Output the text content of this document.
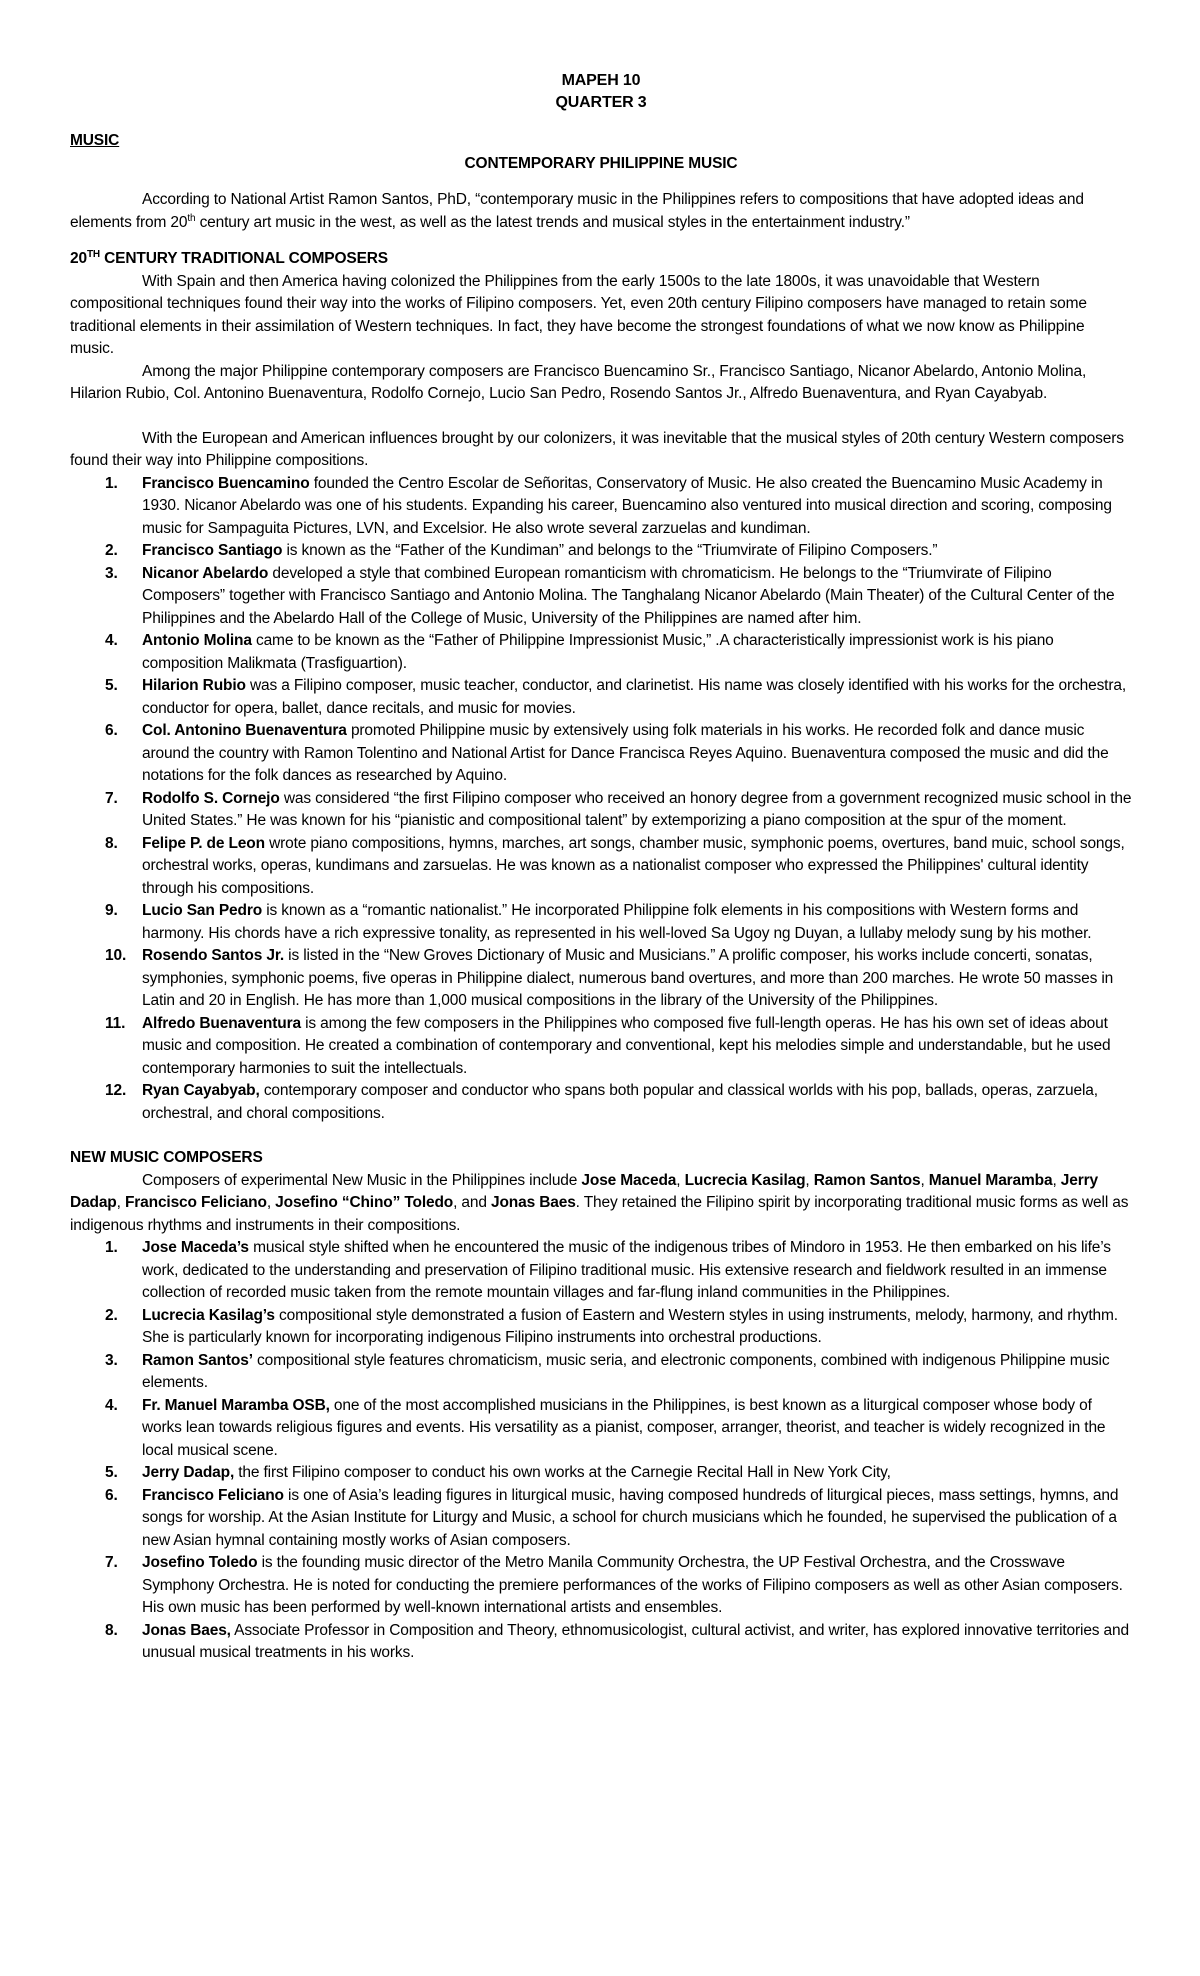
MAPEH 10
QUARTER 3
MUSIC
CONTEMPORARY PHILIPPINE MUSIC

According to National Artist Ramon Santos, PhD, “contemporary music in the Philippines refers to compositions that have adopted ideas and elements from 20th century art music in the west, as well as the latest trends and musical styles in the entertainment industry.”

20TH CENTURY TRADITIONAL COMPOSERS

With Spain and then America having colonized the Philippines from the early 1500s to the late 1800s, it was unavoidable that Western compositional techniques found their way into the works of Filipino composers. Yet, even 20th century Filipino composers have managed to retain some traditional elements in their assimilation of Western techniques. In fact, they have become the strongest foundations of what we now know as Philippine music.

Among the major Philippine contemporary composers are Francisco Buencamino Sr., Francisco Santiago, Nicanor Abelardo, Antonio Molina, Hilarion Rubio, Col. Antonino Buenaventura, Rodolfo Cornejo, Lucio San Pedro, Rosendo Santos Jr., Alfredo Buenaventura, and Ryan Cayabyab.

With the European and American influences brought by our colonizers, it was inevitable that the musical styles of 20th century Western composers found their way into Philippine compositions.

1.	Francisco Buencamino founded the Centro Escolar de Señoritas, Conservatory of Music. He also created the Buencamino Music Academy in 1930. Nicanor Abelardo was one of his students. Expanding his career, Buencamino also ventured into musical direction and scoring, composing music for Sampaguita Pictures, LVN, and Excelsior. He also wrote several zarzuelas and kundiman.
2.	Francisco Santiago is known as the “Father of the Kundiman” and belongs to the “Triumvirate of Filipino Composers.”
3.	Nicanor Abelardo developed a style that combined European romanticism with chromaticism. He belongs to the “Triumvirate of Filipino Composers” together with Francisco Santiago and Antonio Molina. The Tanghalang Nicanor Abelardo (Main Theater) of the Cultural Center of the Philippines and the Abelardo Hall of the College of Music, University of the Philippines are named after him.
4.	Antonio Molina came to be known as the “Father of Philippine Impressionist Music,” .A characteristically impressionist work is his piano composition Malikmata (Trasfiguartion).
5.	Hilarion Rubio was a Filipino composer, music teacher, conductor, and clarinetist. His name was closely identified with his works for the orchestra, conductor for opera, ballet, dance recitals, and music for movies.
6.	Col. Antonino Buenaventura promoted Philippine music by extensively using folk materials in his works. He recorded folk and dance music around the country with Ramon Tolentino and National Artist for Dance Francisca Reyes Aquino. Buenaventura composed the music and did the notations for the folk dances as researched by Aquino.
7.	Rodolfo S. Cornejo was considered “the first Filipino composer who received an honory degree from a government recognized music school in the United States.” He was known for his “pianistic and compositional talent” by extemporizing a piano composition at the spur of the moment.
8.	Felipe P. de Leon wrote piano compositions, hymns, marches, art songs, chamber music, symphonic poems, overtures, band muic, school songs, orchestral works, operas, kundimans and zarsuelas. He was known as a nationalist composer who expressed the Philippines' cultural identity through his compositions.
9.	Lucio San Pedro is known as a “romantic nationalist.” He incorporated Philippine folk elements in his compositions with Western forms and harmony. His chords have a rich expressive tonality, as represented in his well-loved Sa Ugoy ng Duyan, a lullaby melody sung by his mother.
10.	Rosendo Santos Jr. is listed in the “New Groves Dictionary of Music and Musicians.” A prolific composer, his works include concerti, sonatas, symphonies, symphonic poems, five operas in Philippine dialect, numerous band overtures, and more than 200 marches. He wrote 50 masses in Latin and 20 in English. He has more than 1,000 musical compositions in the library of the University of the Philippines.
11.	Alfredo Buenaventura is among the few composers in the Philippines who composed five full-length operas. He has his own set of ideas about music and composition. He created a combination of contemporary and conventional, kept his melodies simple and understandable, but he used contemporary harmonies to suit the intellectuals.
12.	Ryan Cayabyab, contemporary composer and conductor who spans both popular and classical worlds with his pop, ballads, operas, zarzuela, orchestral, and choral compositions.
NEW MUSIC COMPOSERS

Composers of experimental New Music in the Philippines include Jose Maceda, Lucrecia Kasilag, Ramon Santos, Manuel Maramba, Jerry Dadap, Francisco Feliciano, Josefino “Chino” Toledo, and Jonas Baes. They retained the Filipino spirit by incorporating traditional music forms as well as indigenous rhythms and instruments in their compositions.

1.	Jose Maceda’s musical style shifted when he encountered the music of the indigenous tribes of Mindoro in 1953. He then embarked on his life’s work, dedicated to the understanding and preservation of Filipino traditional music. His extensive research and fieldwork resulted in an immense collection of recorded music taken from the remote mountain villages and far-flung inland communities in the Philippines.
2.	Lucrecia Kasilag’s compositional style demonstrated a fusion of Eastern and Western styles in using instruments, melody, harmony, and rhythm. She is particularly known for incorporating indigenous Filipino instruments into orchestral productions.
3.	Ramon Santos’ compositional style features chromaticism, music seria, and electronic components, combined with indigenous Philippine music elements.
4.	Fr. Manuel Maramba OSB, one of the most accomplished musicians in the Philippines, is best known as a liturgical composer whose body of works lean towards religious figures and events. His versatility as a pianist, composer, arranger, theorist, and teacher is widely recognized in the local musical scene.
5.	Jerry Dadap, the first Filipino composer to conduct his own works at the Carnegie Recital Hall in New York City,
6.	Francisco Feliciano is one of Asia’s leading figures in liturgical music, having composed hundreds of liturgical pieces, mass settings, hymns, and songs for worship. At the Asian Institute for Liturgy and Music, a school for church musicians which he founded, he supervised the publication of a new Asian hymnal containing mostly works of Asian composers.
7.	Josefino Toledo is the founding music director of the Metro Manila Community Orchestra, the UP Festival Orchestra, and the Crosswave Symphony Orchestra. He is noted for conducting the premiere performances of the works of Filipino composers as well as other Asian composers. His own music has been performed by well-known international artists and ensembles.
8.	Jonas Baes, Associate Professor in Composition and Theory, ethnomusicologist, cultural activist, and writer, has explored innovative territories and unusual musical treatments in his works.
